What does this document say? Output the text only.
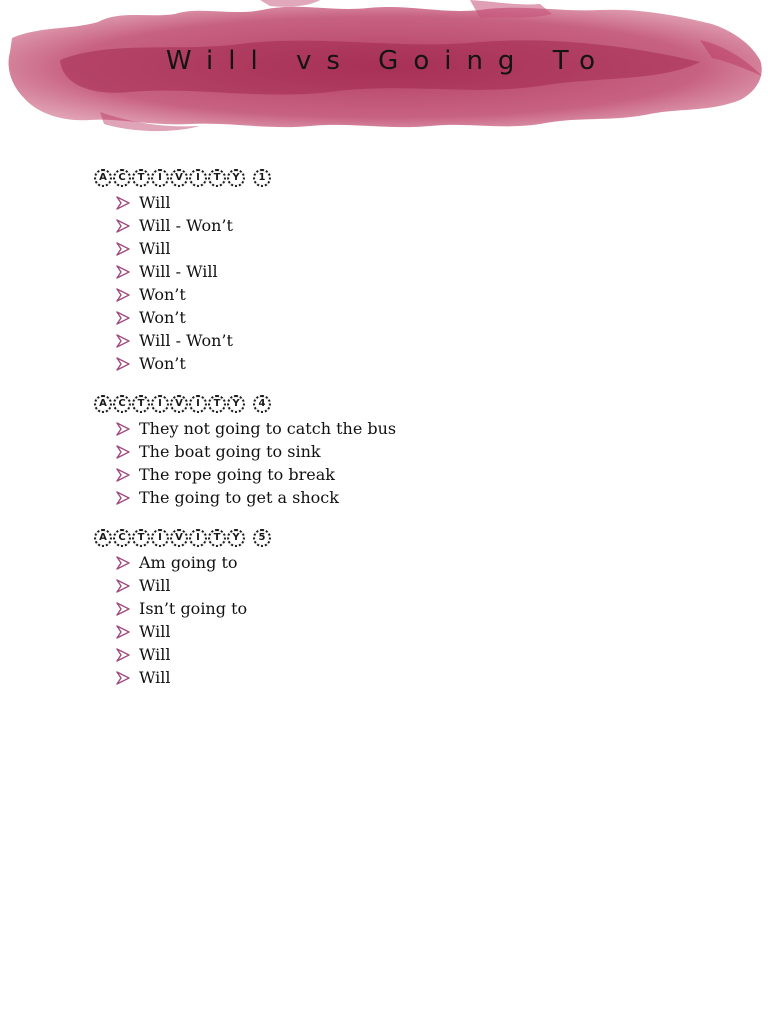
Will vs Going To
A	C	T	I	V	I	T	Y	1
Will
Will - Won’t
Will
Will - Will
Won’t
Won’t
Will - Won’t
Won’t
A	C	T	I	V	I	T	Y	4
They not going to catch the bus
The boat going to sink
The rope going to break
The going to get a shock
A	C	T	I	V	I	T	Y	5
Am going to
Will
Isn’t going to
Will
Will
Will
